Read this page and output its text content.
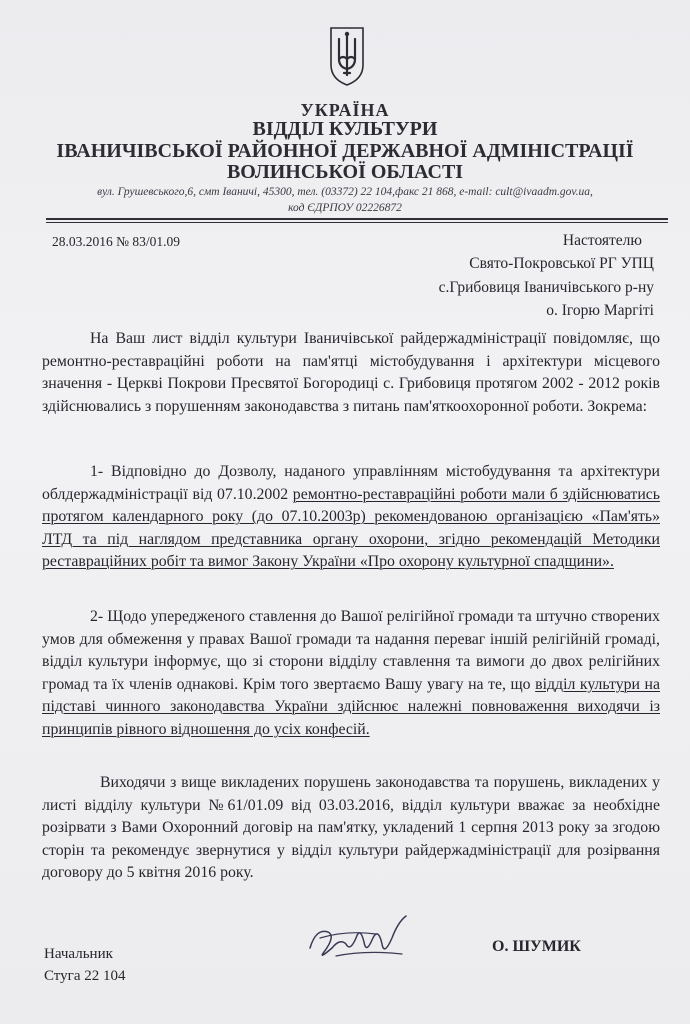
УКРАЇНА
ВІДДІЛ КУЛЬТУРИ
ІВАНИЧІВСЬКОЇ РАЙОННОЇ ДЕРЖАВНОЇ АДМІНІСТРАЦІЇ
ВОЛИНСЬКОЇ ОБЛАСТІ
вул. Грушевського,6, смт Іваничі, 45300, тел. (03372) 22 104,факс 21 868, e-mail: cult@ivaadm.gov.ua,
код ЄДРПОУ 02226872
28.03.2016 № 83/01.09	Настоятелю
Свято-Покровської РГ УПЦ
с.Грибовиця Іваничівського р-ну
о. Ігорю Маргіті
На Ваш лист відділ культури Іваничівської райдержадміністрації повідомляє, що ремонтно-реставраційні роботи на пам'ятці містобудування і архітектури місцевого значення - Церкві Покрови Пресвятої Богородиці с. Грибовиця протягом 2002 - 2012 років здійснювались з порушенням законодавства з питань пам'яткоохоронної роботи. Зокрема:
1- Відповідно до Дозволу, наданого управлінням містобудування та архітектури облдержадміністрації від 07.10.2002 ремонтно-реставраційні роботи мали б здійснюватись протягом календарного року (до 07.10.2003р) рекомендованою організацією «Пам'ять» ЛТД та під наглядом представника органу охорони, згідно рекомендацій Методики реставраційних робіт та вимог Закону України «Про охорону культурної спадщини».
2- Щодо упередженого ставлення до Вашої релігійної громади та штучно створених умов для обмеження у правах Вашої громади та надання переваг іншій релігійній громаді, відділ культури інформує, що зі сторони відділу ставлення та вимоги до двох релігійних громад та їх членів однакові. Крім того звертаємо Вашу увагу на те, що відділ культури на підставі чинного законодавства України здійснює належні повноваження виходячи із принципів рівного відношення до усіх конфесій.
Виходячи з вище викладених порушень законодавства та порушень, викладених у листі відділу культури №61/01.09 від 03.03.2016, відділ культури вважає за необхідне розірвати з Вами Охоронний договір на пам'ятку, укладений 1 серпня 2013 року за згодою сторін та рекомендує звернутися у відділ культури райдержадміністрації для розірвання договору до 5 квітня 2016 року.
Начальник
Стуга 22 104
О. ШУМИК
